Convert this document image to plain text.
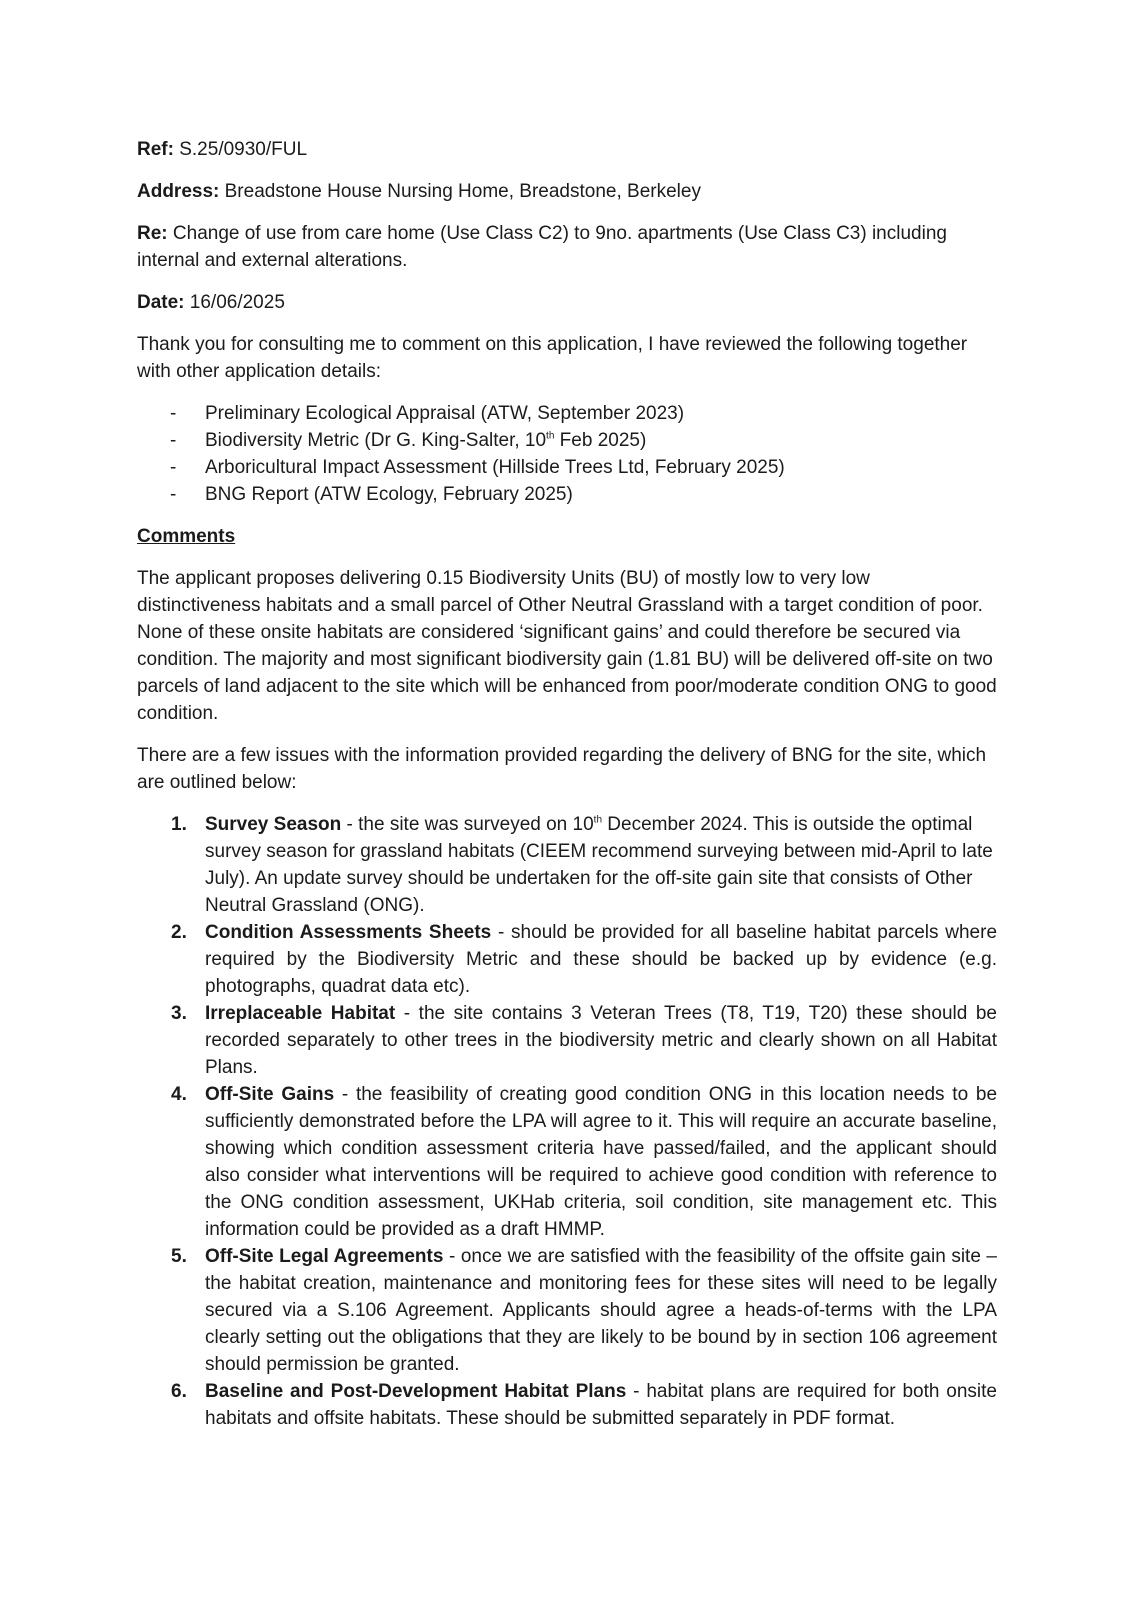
Ref: S.25/0930/FUL

Address: Breadstone House Nursing Home, Breadstone, Berkeley

Re: Change of use from care home (Use Class C2) to 9no. apartments (Use Class C3) including internal and external alterations.

Date: 16/06/2025

Thank you for consulting me to comment on this application, I have reviewed the following together with other application details:

- Preliminary Ecological Appraisal (ATW, September 2023)
- Biodiversity Metric (Dr G. King-Salter, 10th Feb 2025)
- Arboricultural Impact Assessment (Hillside Trees Ltd, February 2025)
- BNG Report (ATW Ecology, February 2025)

Comments

The applicant proposes delivering 0.15 Biodiversity Units (BU) of mostly low to very low distinctiveness habitats and a small parcel of Other Neutral Grassland with a target condition of poor. None of these onsite habitats are considered ‘significant gains’ and could therefore be secured via condition. The majority and most significant biodiversity gain (1.81 BU) will be delivered off-site on two parcels of land adjacent to the site which will be enhanced from poor/moderate condition ONG to good condition.

There are a few issues with the information provided regarding the delivery of BNG for the site, which are outlined below:

1. Survey Season - the site was surveyed on 10th December 2024. This is outside the optimal survey season for grassland habitats (CIEEM recommend surveying between mid-April to late July). An update survey should be undertaken for the off-site gain site that consists of Other Neutral Grassland (ONG).
2. Condition Assessments Sheets - should be provided for all baseline habitat parcels where required by the Biodiversity Metric and these should be backed up by evidence (e.g. photographs, quadrat data etc).
3. Irreplaceable Habitat - the site contains 3 Veteran Trees (T8, T19, T20) these should be recorded separately to other trees in the biodiversity metric and clearly shown on all Habitat Plans.
4. Off-Site Gains - the feasibility of creating good condition ONG in this location needs to be sufficiently demonstrated before the LPA will agree to it. This will require an accurate baseline, showing which condition assessment criteria have passed/failed, and the applicant should also consider what interventions will be required to achieve good condition with reference to the ONG condition assessment, UKHab criteria, soil condition, site management etc. This information could be provided as a draft HMMP.
5. Off-Site Legal Agreements - once we are satisfied with the feasibility of the offsite gain site – the habitat creation, maintenance and monitoring fees for these sites will need to be legally secured via a S.106 Agreement. Applicants should agree a heads-of-terms with the LPA clearly setting out the obligations that they are likely to be bound by in section 106 agreement should permission be granted.
6. Baseline and Post-Development Habitat Plans - habitat plans are required for both onsite habitats and offsite habitats. These should be submitted separately in PDF format.
